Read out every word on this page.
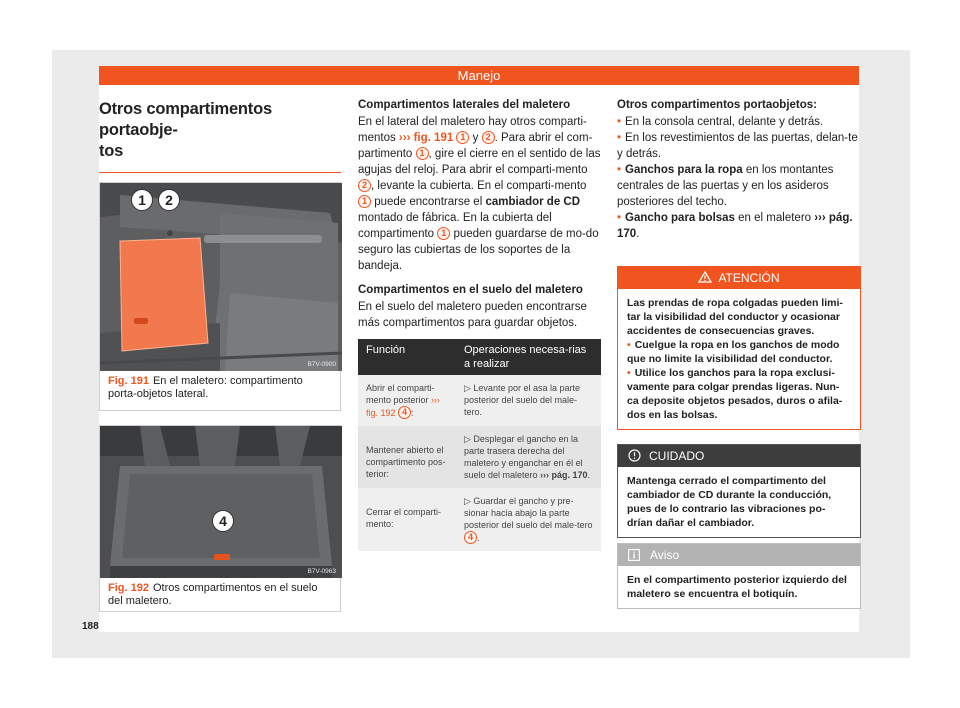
Manejo
Otros compartimentos portaobje-
tos
1	2
B7V-0900
Fig. 191 En el maletero: compartimento porta-objetos lateral.
4
B7V-0963
Fig. 192 Otros compartimentos en el suelo del maletero.

Compartimentos laterales del maletero

En el lateral del maletero hay otros comparti-mentos ››› fig. 191 1 y 2 . Para abrir el com-partimento 1 , gire el cierre en el sentido de las agujas del reloj. Para abrir el comparti-mento 2 , levante la cubierta. En el comparti-mento 1 puede encontrarse el cambiador de CD montado de fábrica. En la cubierta del compartimento 1 pueden guardarse de mo-do seguro las cubiertas de los soportes de la bandeja.

Compartimentos en el suelo del maletero

En el suelo del maletero pueden encontrarse más compartimentos para guardar objetos.

Función	Operaciones necesa-rias a realizar
Abrir el comparti-mento posterior ››› fig. 192 4 :	▷ Levante por el asa la parte posterior del suelo del male-tero.
Mantener abierto el compartimento pos-terior:	▷ Desplegar el gancho en la parte trasera derecha del maletero y enganchar en él el suelo del maletero ››› pág. 170.
Cerrar el comparti-mento:	▷ Guardar el gancho y pre-sionar hacia abajo la parte posterior del suelo del male-tero 4 .

Otros compartimentos portaobjetos:

• En la consola central, delante y detrás.

• En los revestimientos de las puertas, delan-te y detrás.

• Ganchos para la ropa en los montantes centrales de las puertas y en los asideros posteriores del techo.

• Gancho para bolsas en el maletero ››› pág. 170.

ATENCIÓN
Las prendas de ropa colgadas pueden limi-tar la visibilidad del conductor y ocasionar accidentes de consecuencias graves.
• Cuelgue la ropa en los ganchos de modo que no limite la visibilidad del conductor.
• Utilice los ganchos para la ropa exclusi-vamente para colgar prendas ligeras. Nun-ca deposite objetos pesados, duros o afila-dos en las bolsas.
CUIDADO
Mantenga cerrado el compartimento del cambiador de CD durante la conducción, pues de lo contrario las vibraciones po-drían dañar el cambiador.
Aviso
En el compartimento posterior izquierdo del maletero se encuentra el botiquín.
188
